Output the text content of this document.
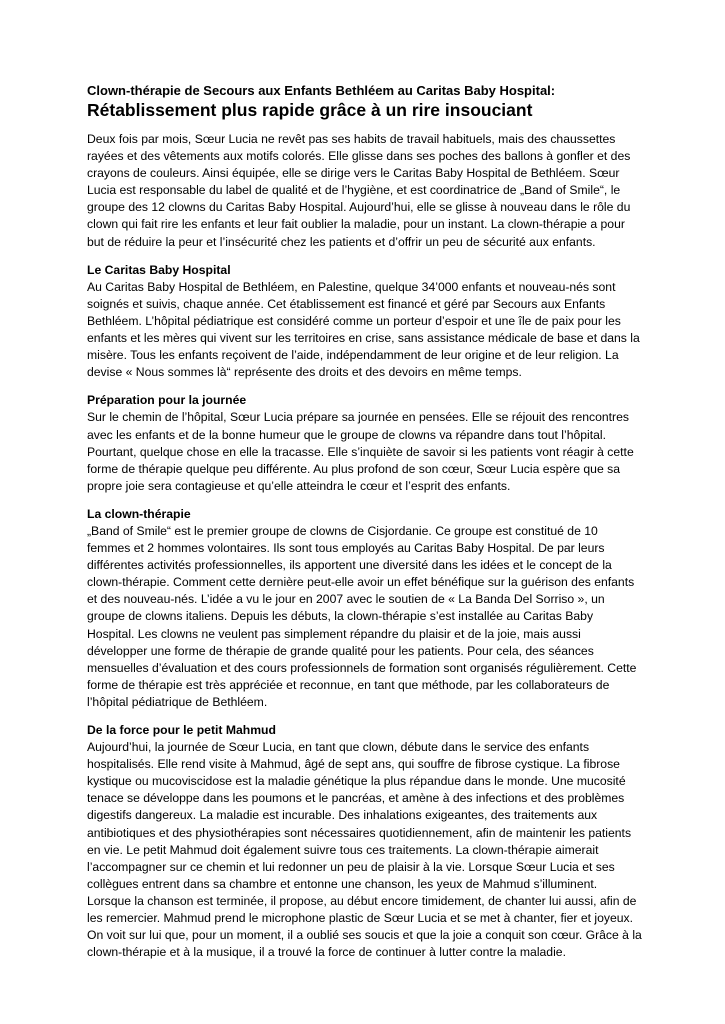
Clown-thérapie de Secours aux Enfants Bethléem au Caritas Baby Hospital:

Rétablissement plus rapide grâce à un rire insouciant

Deux fois par mois, Sœur Lucia ne revêt pas ses habits de travail habituels, mais des chaussettes rayées et des vêtements aux motifs colorés. Elle glisse dans ses poches des ballons à gonfler et des crayons de couleurs. Ainsi équipée, elle se dirige vers le Caritas Baby Hospital de Bethléem. Sœur Lucia est responsable du label de qualité et de l’hygiène, et est coordinatrice de „Band of Smile“, le groupe des 12 clowns du Caritas Baby Hospital. Aujourd’hui, elle se glisse à nouveau dans le rôle du clown qui fait rire les enfants et leur fait oublier la maladie, pour un instant. La clown-thérapie a pour but de réduire la peur et l’insécurité chez les patients et d’offrir un peu de sécurité aux enfants.

Le Caritas Baby Hospital

Au Caritas Baby Hospital de Bethléem, en Palestine, quelque 34’000 enfants et nouveau-nés sont soignés et suivis, chaque année. Cet établissement est financé et géré par Secours aux Enfants Bethléem. L’hôpital pédiatrique est considéré comme un porteur d’espoir et une île de paix pour les enfants et les mères qui vivent sur les territoires en crise, sans assistance médicale de base et dans la misère. Tous les enfants reçoivent de l’aide, indépendamment de leur origine et de leur religion. La devise « Nous sommes là“ représente des droits et des devoirs en même temps.

Préparation pour la journée

Sur le chemin de l’hôpital, Sœur Lucia prépare sa journée en pensées. Elle se réjouit des rencontres avec les enfants et de la bonne humeur que le groupe de clowns va répandre dans tout l’hôpital. Pourtant, quelque chose en elle la tracasse. Elle s’inquiète de savoir si les patients vont réagir à cette forme de thérapie quelque peu différente. Au plus profond de son cœur, Sœur Lucia espère que sa propre joie sera contagieuse et qu’elle atteindra le cœur et l’esprit des enfants.

La clown-thérapie

„Band of Smile“ est le premier groupe de clowns de Cisjordanie. Ce groupe est constitué de 10 femmes et 2 hommes volontaires. Ils sont tous employés au Caritas Baby Hospital. De par leurs différentes activités professionnelles, ils apportent une diversité dans les idées et le concept de la clown-thérapie. Comment cette dernière peut-elle avoir un effet bénéfique sur la guérison des enfants et des nouveau-nés. L’idée a vu le jour en 2007 avec le soutien de « La Banda Del Sorriso », un groupe de clowns italiens. Depuis les débuts, la clown-thérapie s’est installée au Caritas Baby Hospital. Les clowns ne veulent pas simplement répandre du plaisir et de la joie, mais aussi développer une forme de thérapie de grande qualité pour les patients. Pour cela, des séances mensuelles d’évaluation et des cours professionnels de formation sont organisés régulièrement. Cette forme de thérapie est très appréciée et reconnue, en tant que méthode, par les collaborateurs de l’hôpital pédiatrique de Bethléem.

De la force pour le petit Mahmud

Aujourd’hui, la journée de Sœur Lucia, en tant que clown, débute dans le service des enfants hospitalisés. Elle rend visite à Mahmud, âgé de sept ans, qui souffre de fibrose cystique. La fibrose kystique ou mucoviscidose est la maladie génétique la plus répandue dans le monde. Une mucosité tenace se développe dans les poumons et le pancréas, et amène à des infections et des problèmes digestifs dangereux. La maladie est incurable. Des inhalations exigeantes, des traitements aux antibiotiques et des physiothérapies sont nécessaires quotidiennement, afin de maintenir les patients en vie. Le petit Mahmud doit également suivre tous ces traitements. La clown-thérapie aimerait l’accompagner sur ce chemin et lui redonner un peu de plaisir à la vie. Lorsque Sœur Lucia et ses collègues entrent dans sa chambre et entonne une chanson, les yeux de Mahmud s’illuminent. Lorsque la chanson est terminée, il propose, au début encore timidement, de chanter lui aussi, afin de les remercier. Mahmud prend le microphone plastic de Sœur Lucia et se met à chanter, fier et joyeux. On voit sur lui que, pour un moment, il a oublié ses soucis et que la joie a conquit son cœur. Grâce à la clown-thérapie et à la musique, il a trouvé la force de continuer à lutter contre la maladie.
